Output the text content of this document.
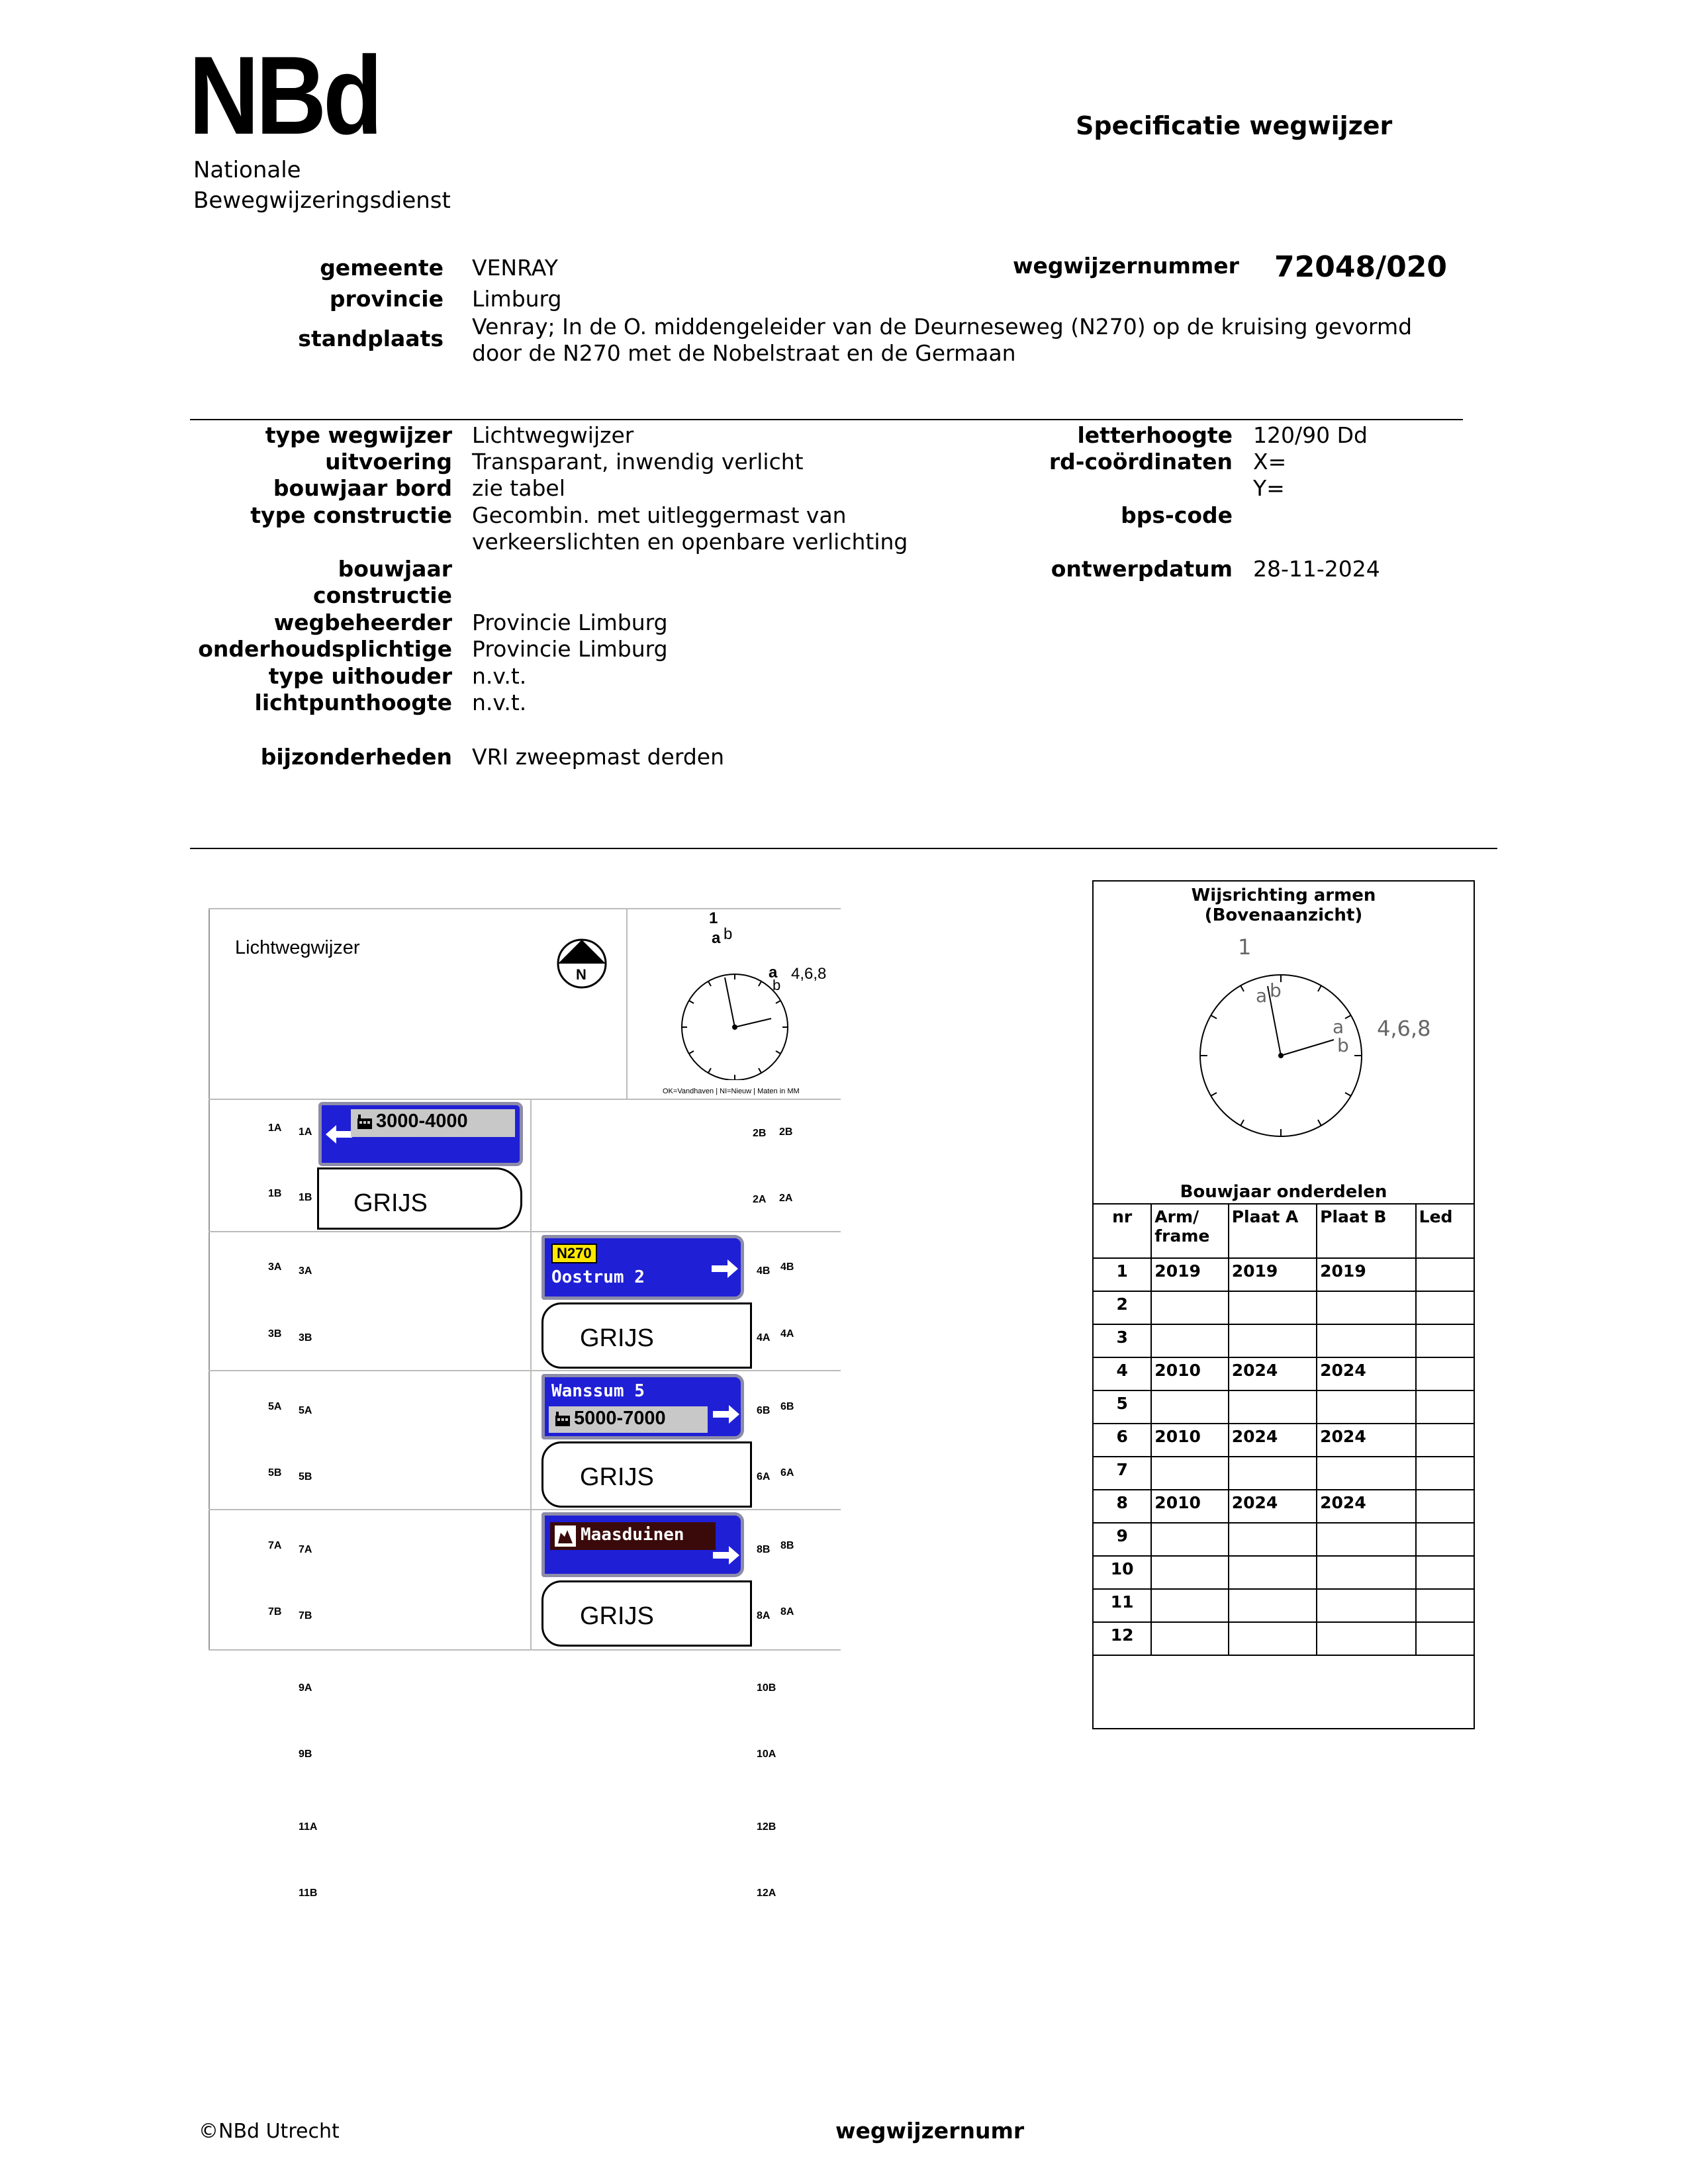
NBd
Nationale
Bewegwijzeringsdienst
Specificatie wegwijzer
gemeente VENRAY
provincie Limburg
standplaats Venray; In de O. middengeleider van de Deurneseweg (N270) op de kruising gevormd
door de N270 met de Nobelstraat en de Germaan
wegwijzernummer 72048/020
type wegwijzer Lichtwegwijzer
uitvoering Transparant, inwendig verlicht
bouwjaar bord zie tabel
type constructie Gecombin. met uitleggermast van
verkeerslichten en openbare verlichting
bouwjaar
constructie
wegbeheerder Provincie Limburg
onderhoudsplichtige Provincie Limburg
type uithouder n.v.t.
lichtpunthoogte n.v.t.
bijzonderheden VRI zweepmast derden
letterhoogte 120/90 Dd
rd-coördinaten X=
Y=
bps-code
ontwerpdatum 28-11-2024
Lichtwegwijzer
N
1
a b
a
b
4,6,8
OK=Vandhaven | NI=Nieuw | Maten in MM
3000-4000
GRIJS
N270
Oostrum 2
GRIJS
Wanssum 5
5000-7000
GRIJS
Maasduinen
GRIJS
1A 1A
1B 1B
3A 3A
3B 3B
5A 5A
5B 5B
7A 7A
7B 7B
9A
9B
11A
11B
2B 2B
2A 2A
4B 4B
4A 4A
6B 6B
6A 6A
8B 8B
8A 8A
10B
10A
12B
12A
Wijsrichting armen
(Bovenaanzicht)
1
a b
a
b
4,6,8
Bouwjaar onderdelen
nr	Arm/ frame	Plaat A	Plaat B	Led
1	2019	2019	2019	
2				
3				
4	2010	2024	2024	
5				
6	2010	2024	2024	
7				
8	2010	2024	2024	
9				
10				
11				
12				
©NBd Utrecht	wegwijzernumr
